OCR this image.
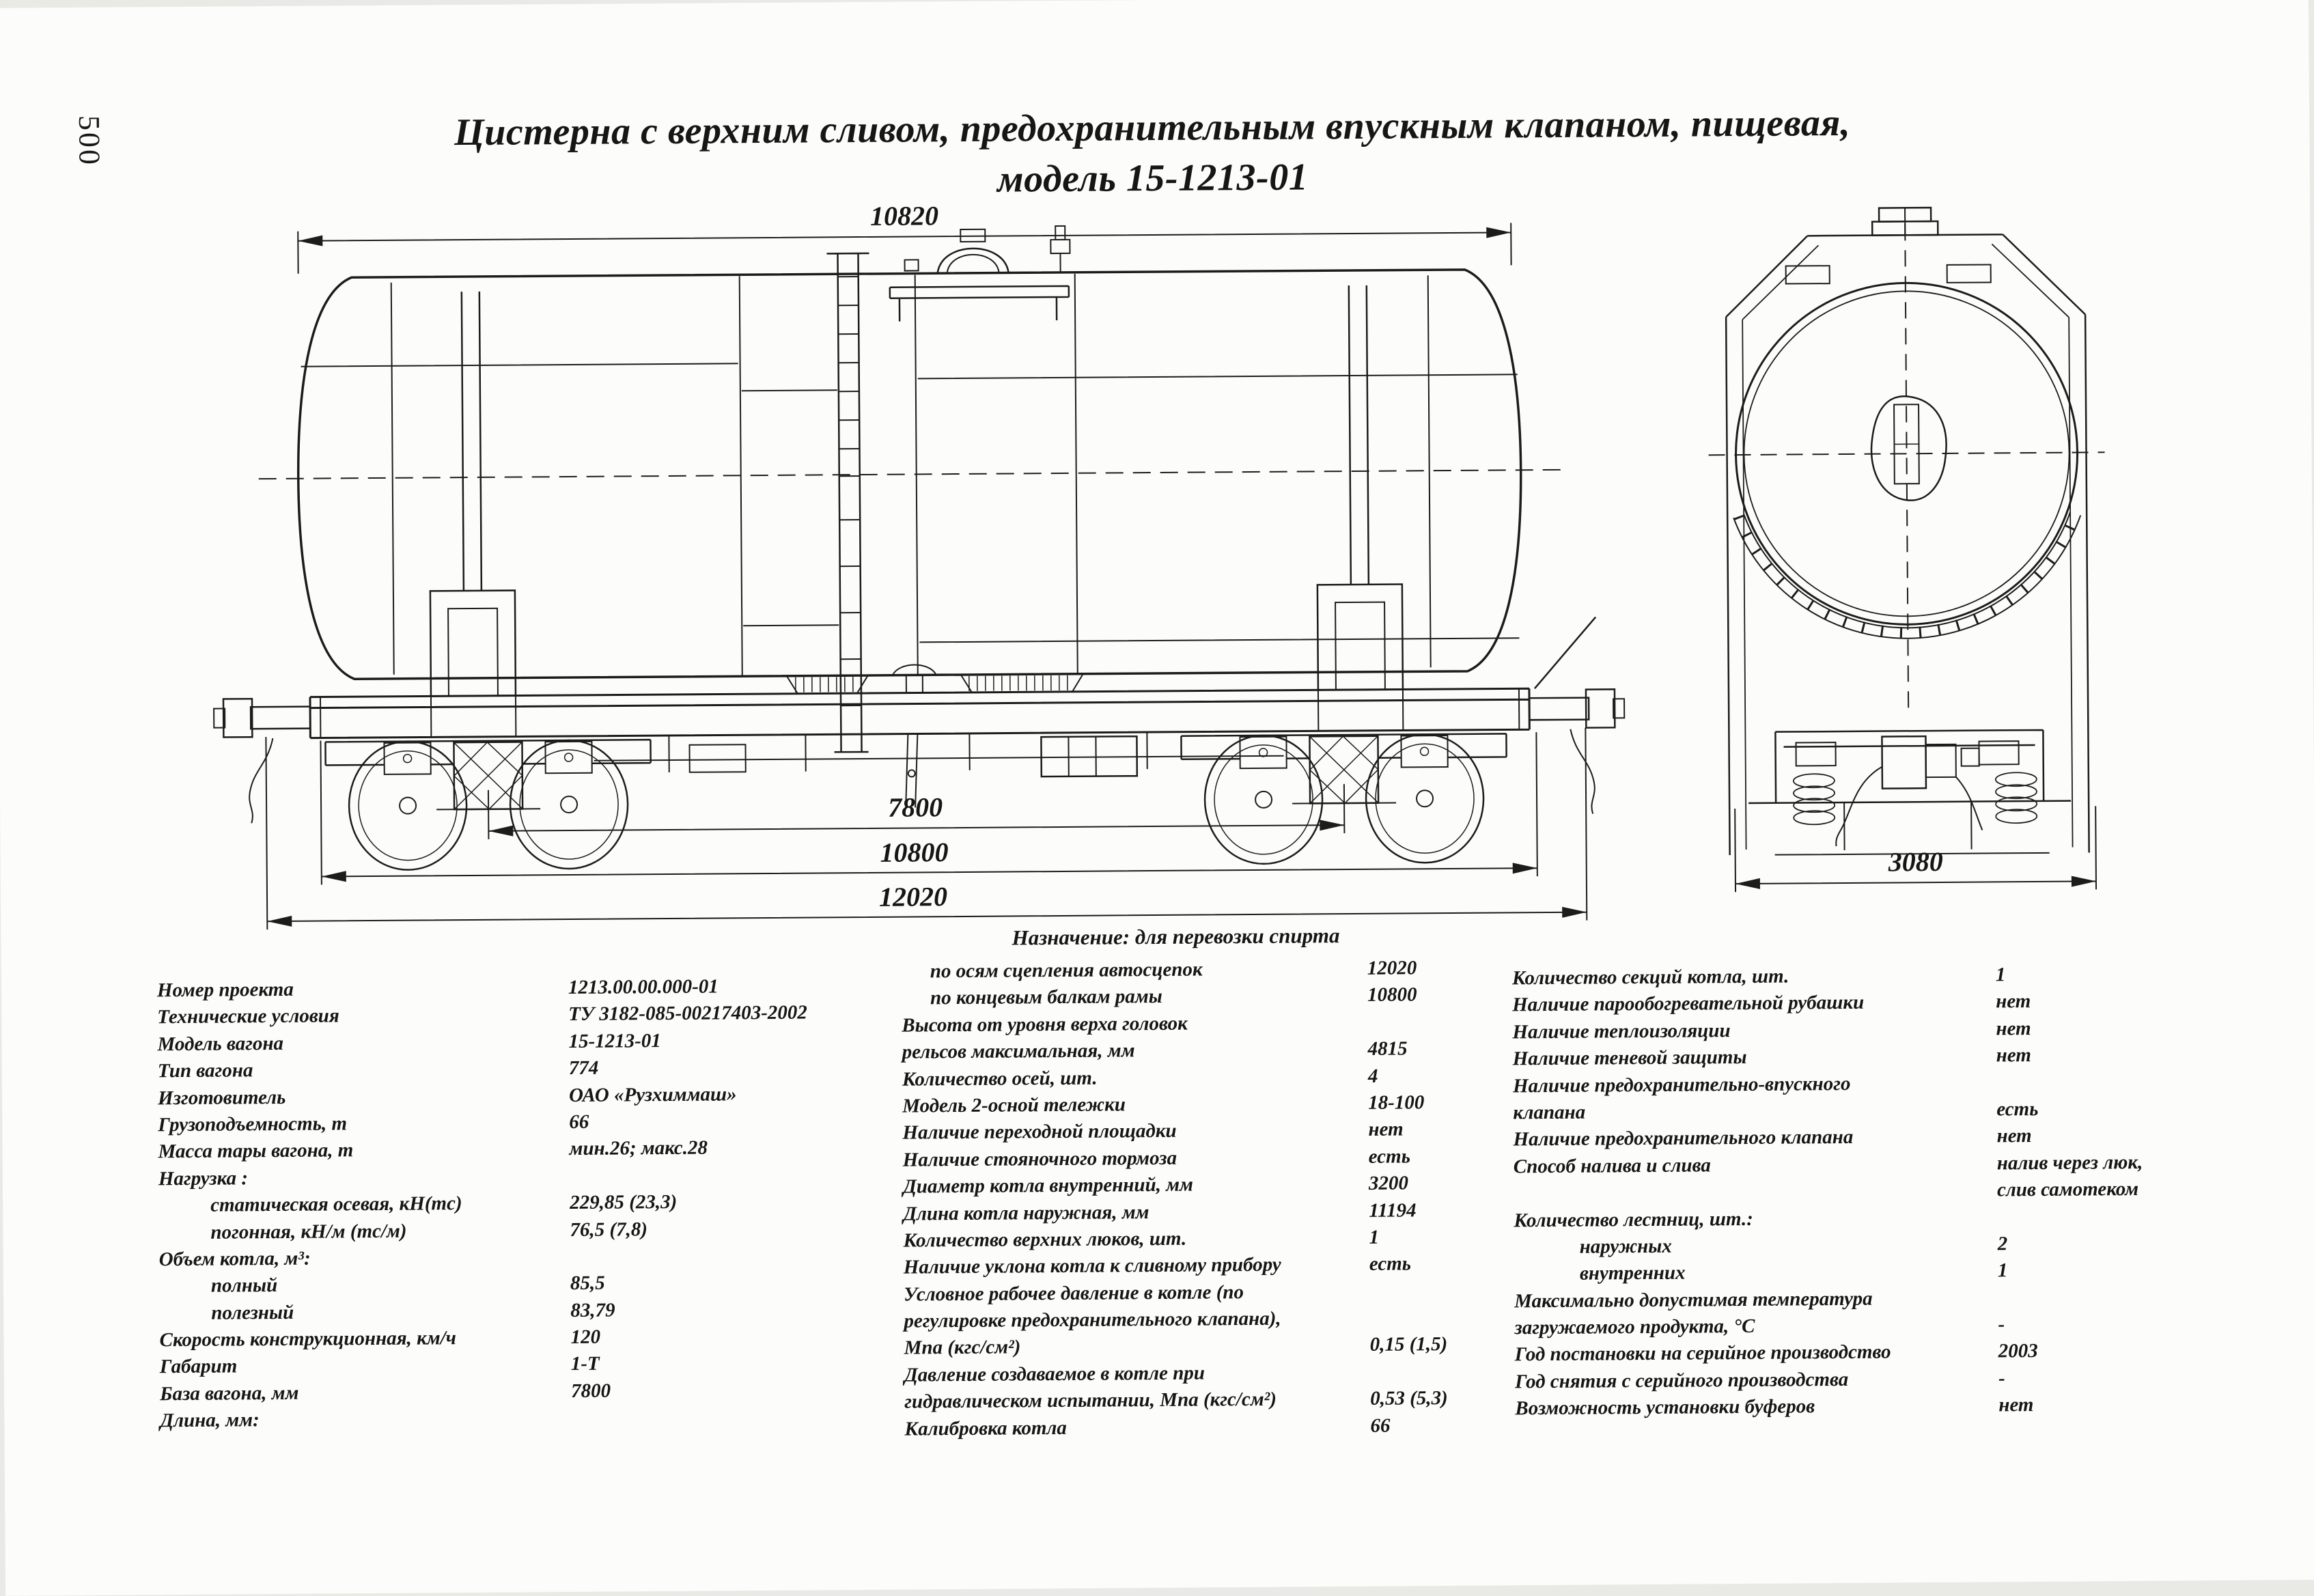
500	Цистерна с верхним сливом, предохранительным впускным клапаном, пищевая,
модель 15-1213-01
10820
7800
10800
12020
3080
Назначение: для перевозки спирта
Номер проекта	1213.00.00.000-01
Технические условия	ТУ 3182-085-00217403-2002
Модель вагона	15-1213-01
Тип вагона	774
Изготовитель	ОАО «Рузхиммаш»
Грузоподъемность, т	66
Масса тары вагона, т	мин.26; макс.28
Нагрузка :
статическая осевая, кН(тс)	229,85 (23,3)
погонная, кН/м (тс/м)	76,5 (7,8)
Объем котла, м³:
полный	85,5
полезный	83,79
Скорость конструкционная, км/ч	120
Габарит	1-Т
База вагона, мм	7800
Длина, мм:
по осям сцепления автосцепок	12020
по концевым балкам рамы	10800
Высота от уровня верха головок
рельсов максимальная, мм	4815
Количество осей, шт.	4
Модель 2-осной тележки	18-100
Наличие переходной площадки	нет
Наличие стояночного тормоза	есть
Диаметр котла внутренний, мм	3200
Длина котла наружная, мм	11194
Количество верхних люков, шт.	1
Наличие уклона котла к сливному прибору	есть
Условное рабочее давление в котле (по
регулировке предохранительного клапана),
Мпа (кгс/см²)	0,15 (1,5)
Давление создаваемое в котле при
гидравлическом испытании, Мпа (кгс/см²)	0,53 (5,3)
Калибровка котла	66
Количество секций котла, шт.	1
Наличие парообогревательной рубашки	нет
Наличие теплоизоляции	нет
Наличие теневой защиты	нет
Наличие предохранительно-впускного
клапана	есть
Наличие предохранительного клапана	нет
Способ налива и слива	налив через люк,
слив самотеком
Количество лестниц, шт.:
наружных	2
внутренних	1
Максимально допустимая температура
загружаемого продукта, °С	-
Год постановки на серийное производство	2003
Год снятия с серийного производства	-
Возможность установки буферов	нет
